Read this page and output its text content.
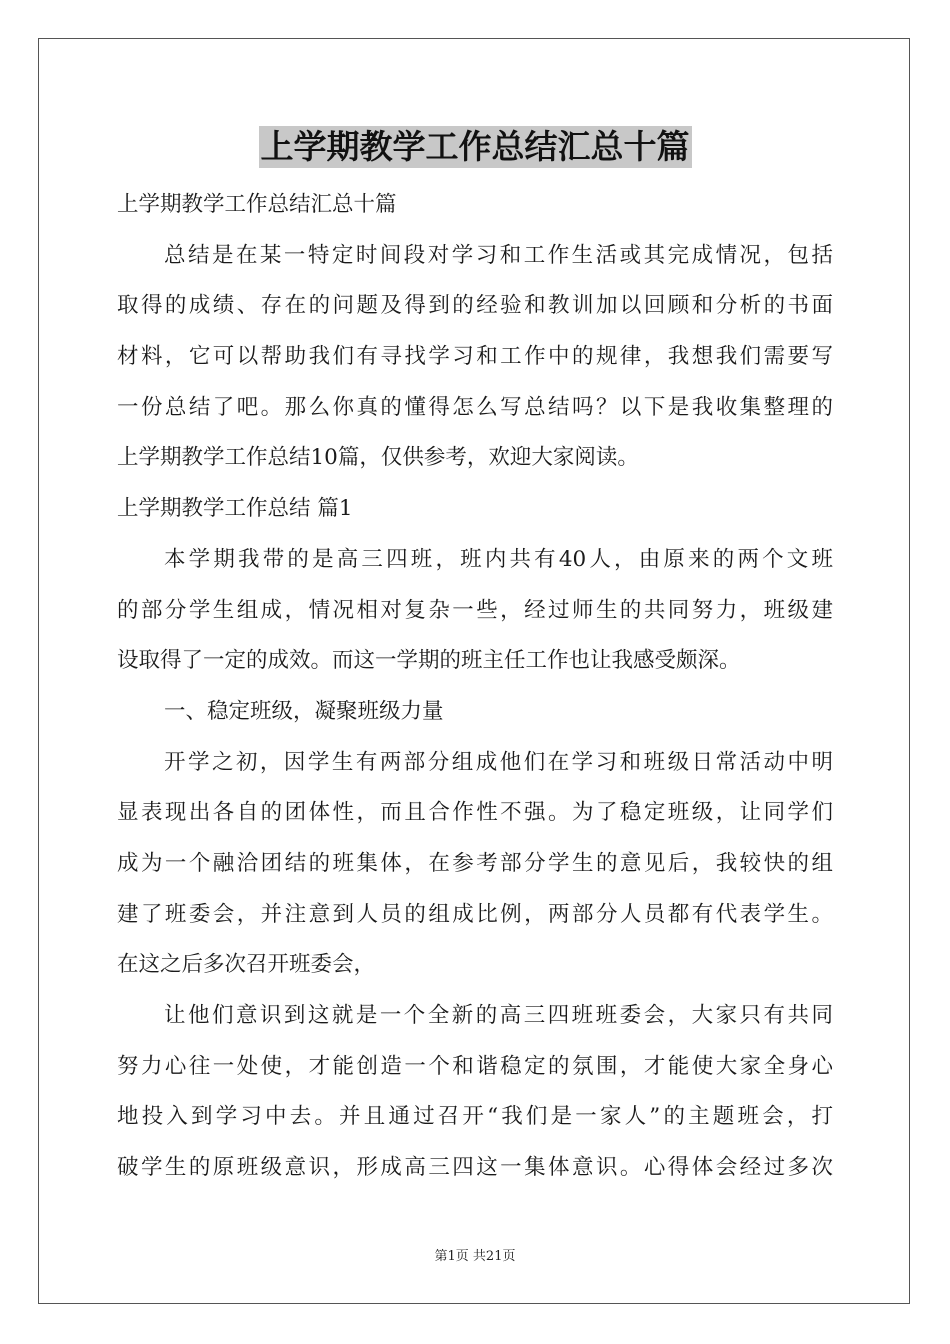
上学期教学工作总结汇总十篇
上学期教学工作总结汇总十篇
总结是在某一特定时间段对学习和工作生活或其完成情况，包括
取得的成绩、存在的问题及得到的经验和教训加以回顾和分析的书面
材料，它可以帮助我们有寻找学习和工作中的规律，我想我们需要写
一份总结了吧。那么你真的懂得怎么写总结吗？以下是我收集整理的
上学期教学工作总结10篇，仅供参考，欢迎大家阅读。
上学期教学工作总结 篇1
本学期我带的是高三四班，班内共有40人，由原来的两个文班
的部分学生组成，情况相对复杂一些，经过师生的共同努力，班级建
设取得了一定的成效。而这一学期的班主任工作也让我感受颇深。
一、稳定班级，凝聚班级力量
开学之初，因学生有两部分组成他们在学习和班级日常活动中明
显表现出各自的团体性，而且合作性不强。为了稳定班级，让同学们
成为一个融洽团结的班集体，在参考部分学生的意见后，我较快的组
建了班委会，并注意到人员的组成比例，两部分人员都有代表学生。
在这之后多次召开班委会，
让他们意识到这就是一个全新的高三四班班委会，大家只有共同
努力心往一处使，才能创造一个和谐稳定的氛围，才能使大家全身心
地投入到学习中去。并且通过召开“我们是一家人”的主题班会，打
破学生的原班级意识，形成高三四这一集体意识。心得体会经过多次
第1页 共21页
